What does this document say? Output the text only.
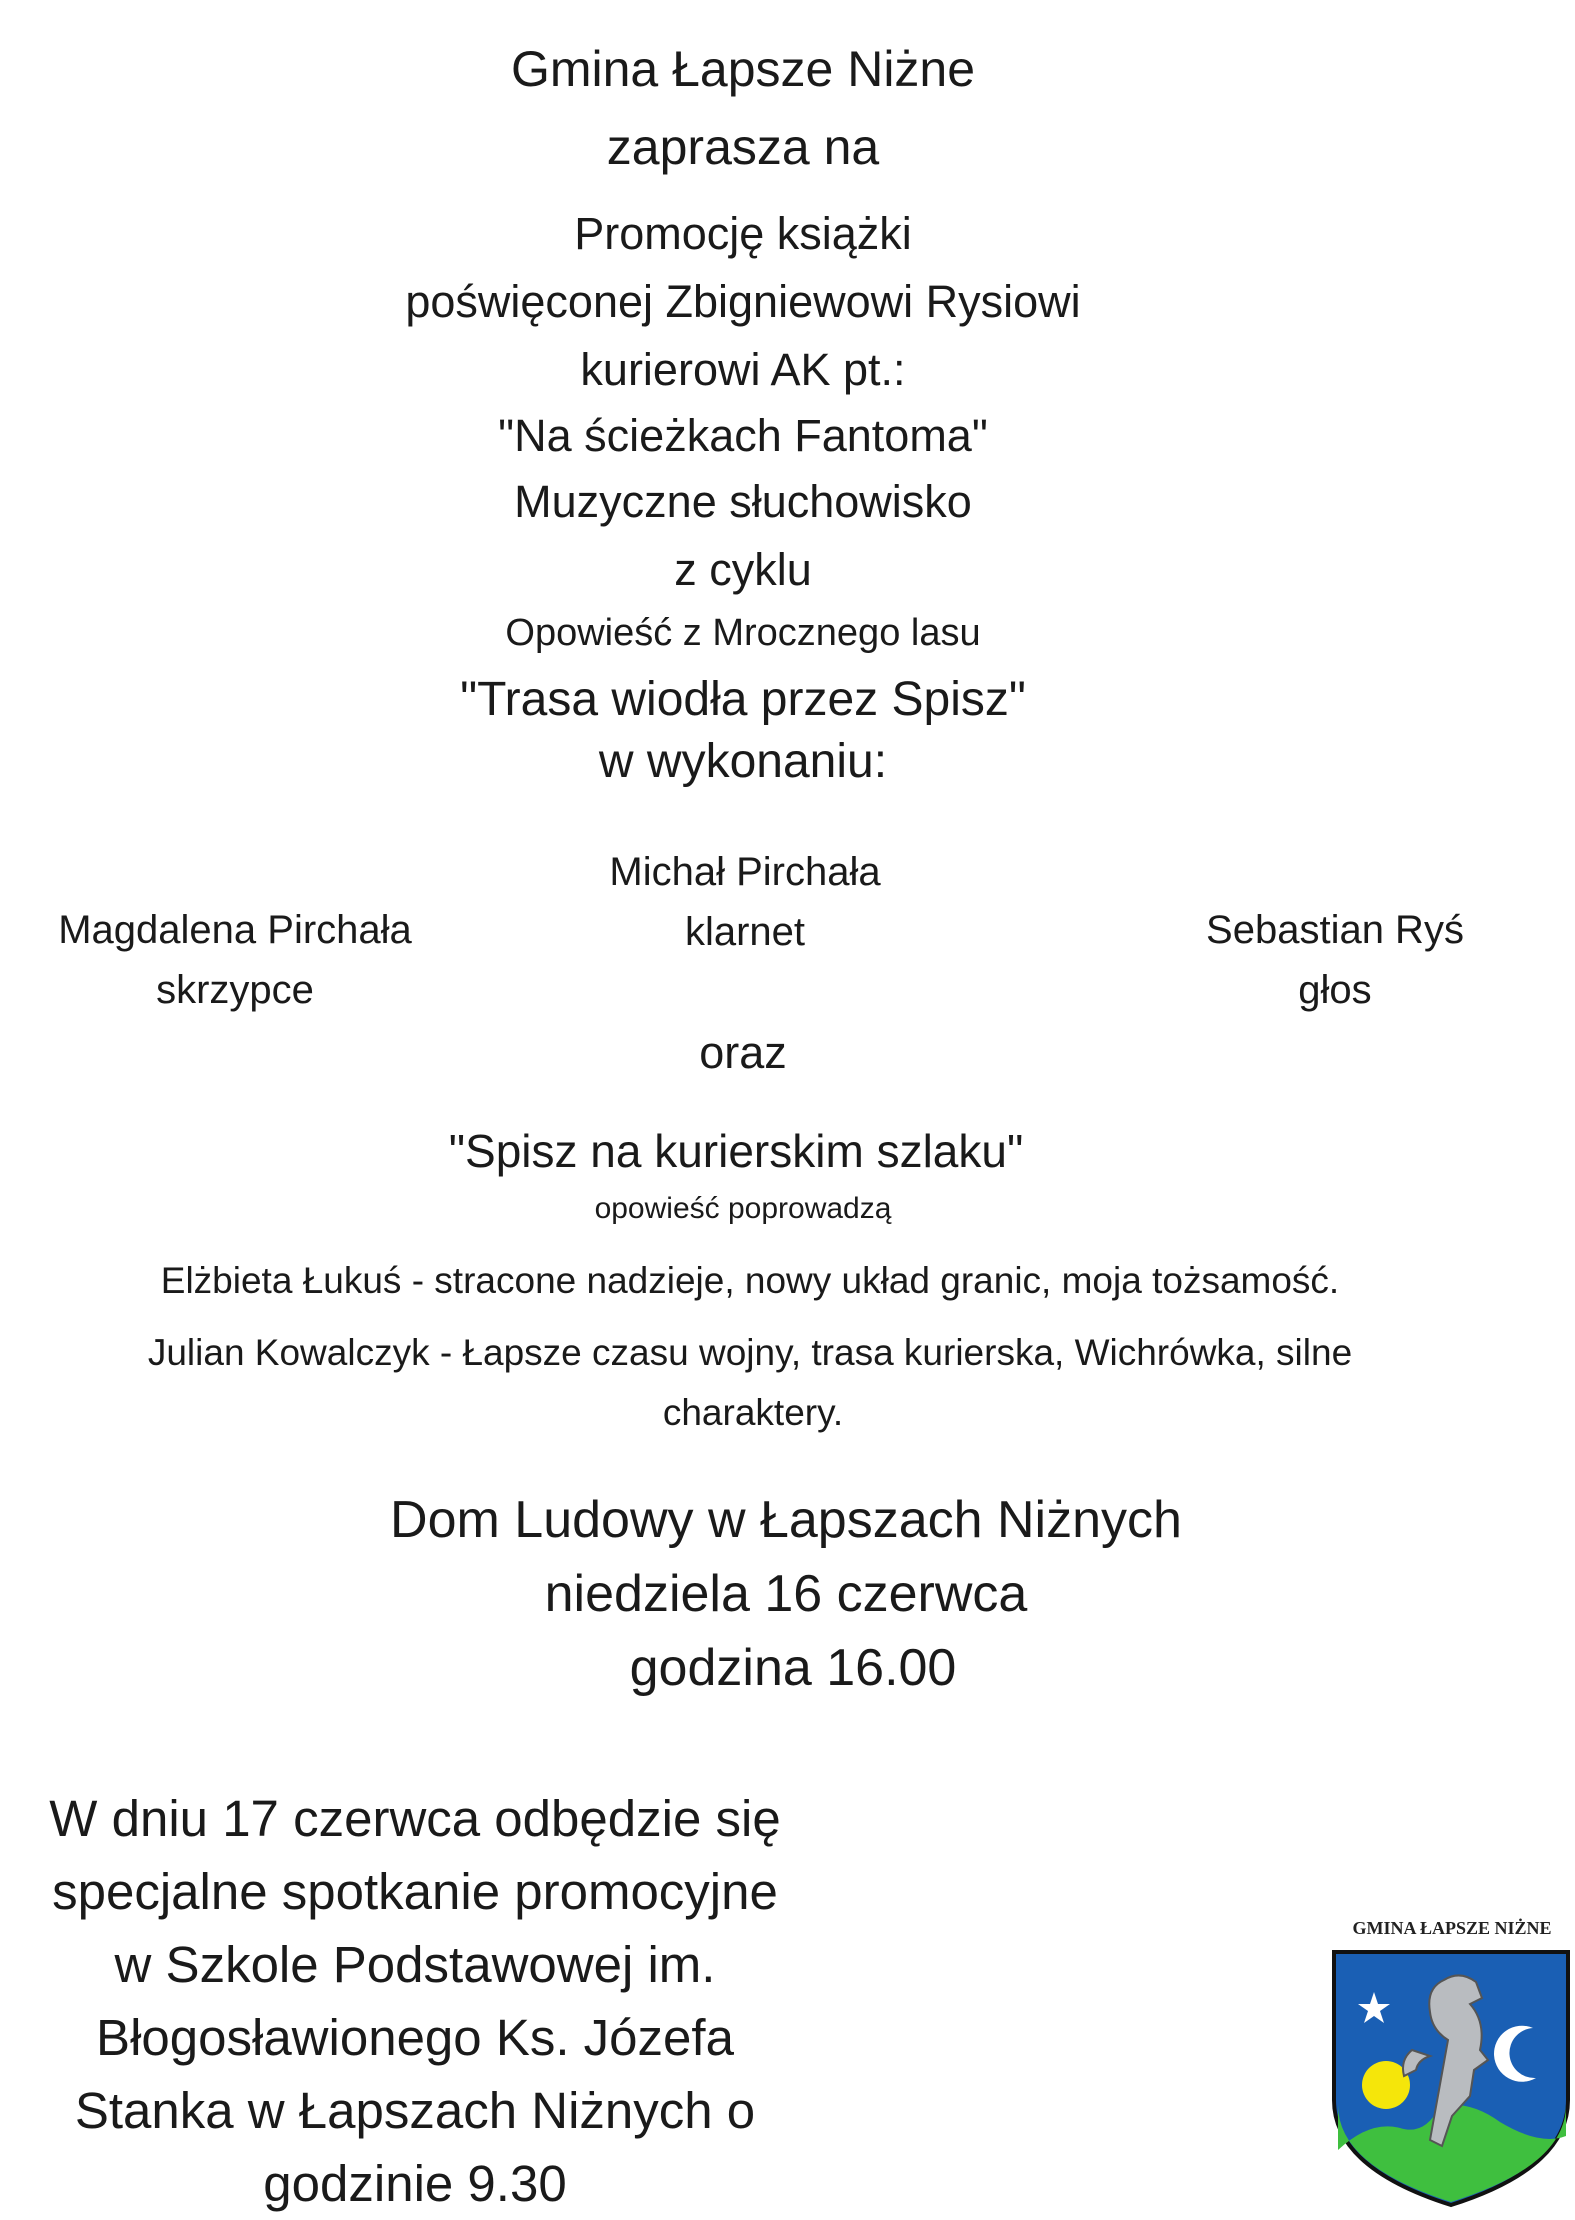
Gmina Łapsze Niżne
zaprasza na
Promocję książki
poświęconej Zbigniewowi Rysiowi
kurierowi AK pt.:
"Na ścieżkach Fantoma"
Muzyczne słuchowisko
z cyklu
Opowieść z Mrocznego lasu
"Trasa wiodła przez Spisz"
w wykonaniu:
Magdalena Pirchała
skrzypce
Michał Pirchała
klarnet	Sebastian Ryś
głos
oraz
"Spisz na kurierskim szlaku"
opowieść poprowadzą
Elżbieta Łukuś - stracone nadzieje, nowy układ granic, moja tożsamość.
Julian Kowalczyk - Łapsze czasu wojny, trasa kurierska, Wichrówka, silne
charaktery.
Dom Ludowy w Łapszach Niżnych
niedziela 16 czerwca
godzina 16.00
W dniu 17 czerwca odbędzie się
specjalne spotkanie promocyjne
w Szkole Podstawowej im.
Błogosławionego Ks. Józefa
Stanka w Łapszach Niżnych o
godzinie 9.30
GMINA ŁAPSZE NIŻNE
